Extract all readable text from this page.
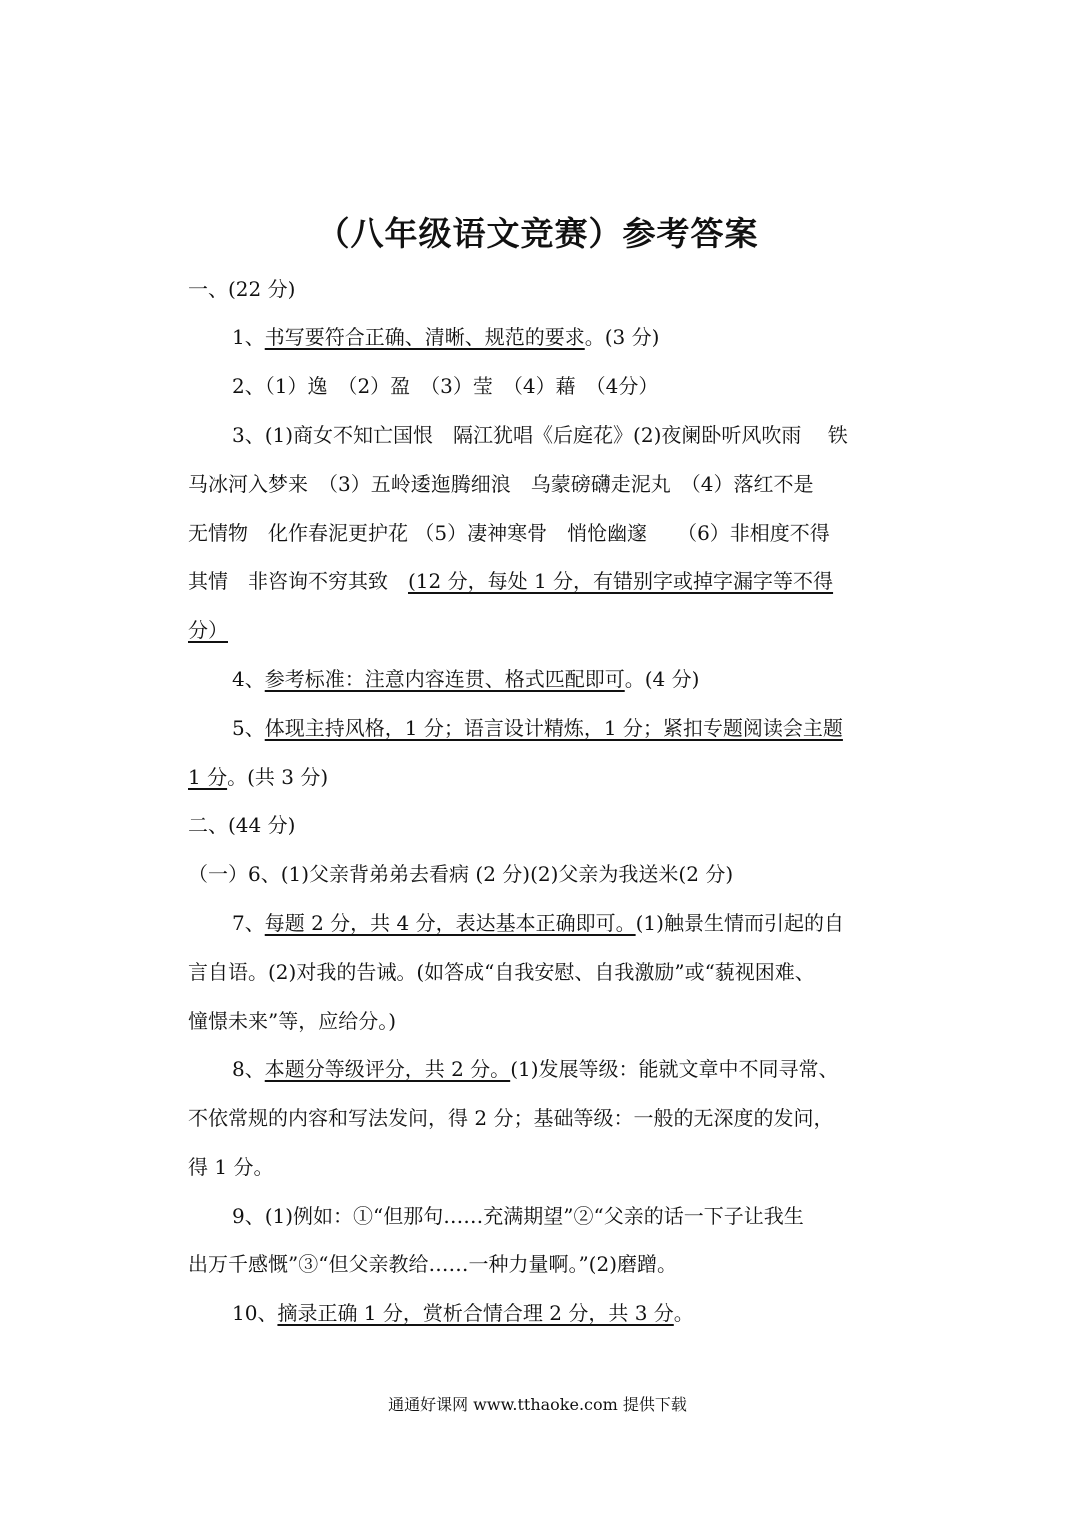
（八年级语文竞赛）参考答案
一、(22 分)
1、书写要符合正确、清晰、规范的要求。(3 分)
2、（1）逸　（2）盈　（3）莹　（4）藉　（4分）
3、(1)商女不知亡国恨　隔江犹唱《后庭花》(2)夜阑卧听风吹雨　 铁
马冰河入梦来　（3）五岭逶迤腾细浪　乌蒙磅礴走泥丸　（4）落红不是
无情物　化作春泥更护花 （5）凄神寒骨　悄怆幽邃　　（6）非相度不得
其情　非咨询不穷其致　(12 分，每处 1 分，有错别字或掉字漏字等不得
分）
4、参考标准：注意内容连贯、格式匹配即可。(4 分)
5、体现主持风格，1 分；语言设计精炼，1 分；紧扣专题阅读会主题
1 分。(共 3 分)
二、(44 分)
（一）6、(1)父亲背弟弟去看病 (2 分)(2)父亲为我送米(2 分)
7、每题 2 分，共 4 分，表达基本正确即可。(1)触景生情而引起的自
言自语。(2)对我的告诫。(如答成“自我安慰、自我激励”或“藐视困难、
憧憬未来”等，应给分。)
8、本题分等级评分，共 2 分。(1)发展等级：能就文章中不同寻常、
不依常规的内容和写法发问，得 2 分；基础等级：一般的无深度的发问，
得 1 分。
9、(1)例如：①“但那句……充满期望”②“父亲的话一下子让我生
出万千感慨”③“但父亲教给……一种力量啊。”(2)磨蹭。
10、摘录正确 1 分，赏析合情合理 2 分，共 3 分。
通通好课网 www.tthaoke.com 提供下载
